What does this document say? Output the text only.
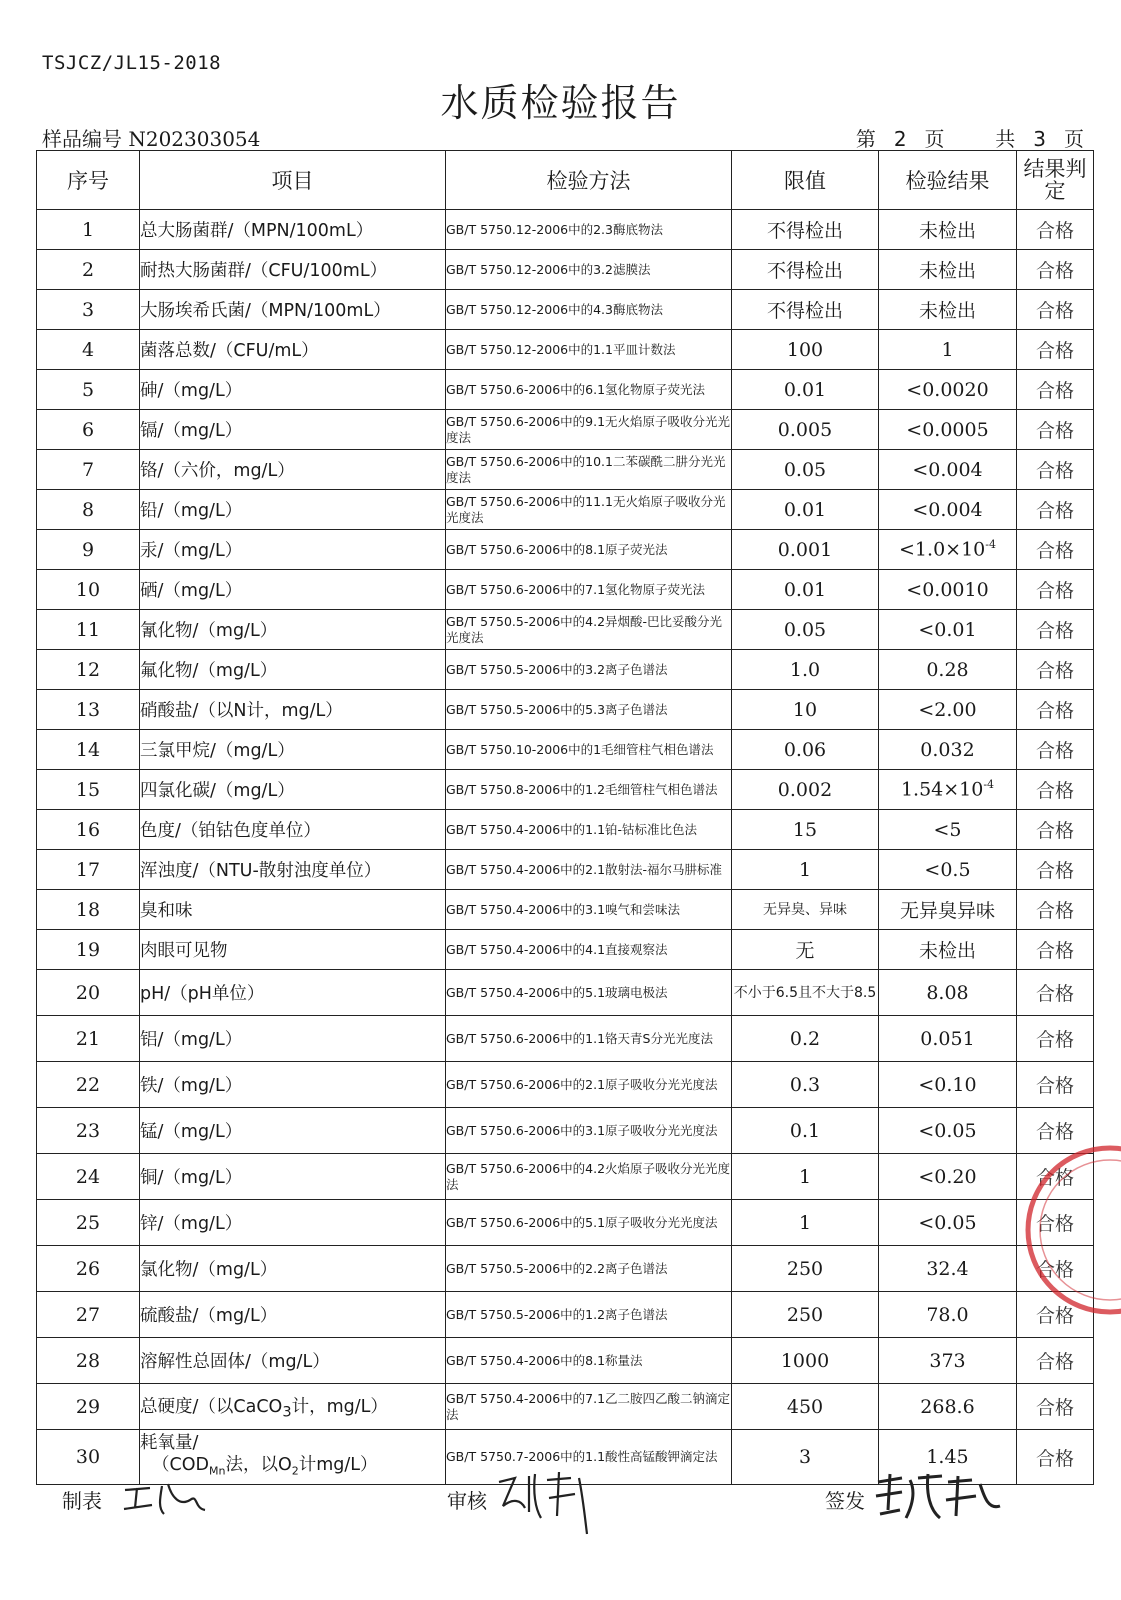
TSJCZ/JL15-2018
水质检验报告
样品编号 N202303054	第 2 页	共 3 页
序号	项目	检验方法	限值	检验结果	结果判定
1	总大肠菌群/（MPN/100mL）	GB/T 5750.12-2006中的2.3酶底物法	不得检出	未检出	合格
2	耐热大肠菌群/（CFU/100mL）	GB/T 5750.12-2006中的3.2滤膜法	不得检出	未检出	合格
3	大肠埃希氏菌/（MPN/100mL）	GB/T 5750.12-2006中的4.3酶底物法	不得检出	未检出	合格
4	菌落总数/（CFU/mL）	GB/T 5750.12-2006中的1.1平皿计数法	100	1	合格
5	砷/（mg/L）	GB/T 5750.6-2006中的6.1氢化物原子荧光法	0.01	<0.0020	合格
6	镉/（mg/L）	GB/T 5750.6-2006中的9.1无火焰原子吸收分光光度法	0.005	<0.0005	合格
7	铬/（六价，mg/L）	GB/T 5750.6-2006中的10.1二苯碳酰二肼分光光度法	0.05	<0.004	合格
8	铅/（mg/L）	GB/T 5750.6-2006中的11.1无火焰原子吸收分光光度法	0.01	<0.004	合格
9	汞/（mg/L）	GB/T 5750.6-2006中的8.1原子荧光法	0.001	$<1.0\times 10^{-4}$	合格
10	硒/（mg/L）	GB/T 5750.6-2006中的7.1氢化物原子荧光法	0.01	<0.0010	合格
11	氰化物/（mg/L）	GB/T 5750.5-2006中的4.2异烟酸-巴比妥酸分光光度法	0.05	<0.01	合格
12	氟化物/（mg/L）	GB/T 5750.5-2006中的3.2离子色谱法	1.0	0.28	合格
13	硝酸盐/（以N计，mg/L）	GB/T 5750.5-2006中的5.3离子色谱法	10	<2.00	合格
14	三氯甲烷/（mg/L）	GB/T 5750.10-2006中的1毛细管柱气相色谱法	0.06	0.032	合格
15	四氯化碳/（mg/L）	GB/T 5750.8-2006中的1.2毛细管柱气相色谱法	0.002	$1.54\times 10^{-4}$	合格
16	色度/（铂钴色度单位）	GB/T 5750.4-2006中的1.1铂-钴标准比色法	15	<5	合格
17	浑浊度/（NTU-散射浊度单位）	GB/T 5750.4-2006中的2.1散射法-福尔马肼标准	1	<0.5	合格
18	臭和味	GB/T 5750.4-2006中的3.1嗅气和尝味法	无异臭、异味	无异臭异味	合格
19	肉眼可见物	GB/T 5750.4-2006中的4.1直接观察法	无	未检出	合格
20	pH/（pH单位）	GB/T 5750.4-2006中的5.1玻璃电极法	不小于6.5且不大于8.5	8.08	合格
21	铝/（mg/L）	GB/T 5750.6-2006中的1.1铬天青S分光光度法	0.2	0.051	合格
22	铁/（mg/L）	GB/T 5750.6-2006中的2.1原子吸收分光光度法	0.3	<0.10	合格
23	锰/（mg/L）	GB/T 5750.6-2006中的3.1原子吸收分光光度法	0.1	<0.05	合格
24	铜/（mg/L）	GB/T 5750.6-2006中的4.2火焰原子吸收分光光度法	1	<0.20	合格
25	锌/（mg/L）	GB/T 5750.6-2006中的5.1原子吸收分光光度法	1	<0.05	合格
26	氯化物/（mg/L）	GB/T 5750.5-2006中的2.2离子色谱法	250	32.4	合格
27	硫酸盐/（mg/L）	GB/T 5750.5-2006中的1.2离子色谱法	250	78.0	合格
28	溶解性总固体/（mg/L）	GB/T 5750.4-2006中的8.1称量法	1000	373	合格
29	总硬度/（以CaCO$_3$计，mg/L）	GB/T 5750.4-2006中的7.1乙二胺四乙酸二钠滴定法	450	268.6	合格
30	耗氧量/
（$COD_{Mn}$法，以$O_2$计mg/L）	GB/T 5750.7-2006中的1.1酸性高锰酸钾滴定法	3	1.45	合格
制表	审核	签发
